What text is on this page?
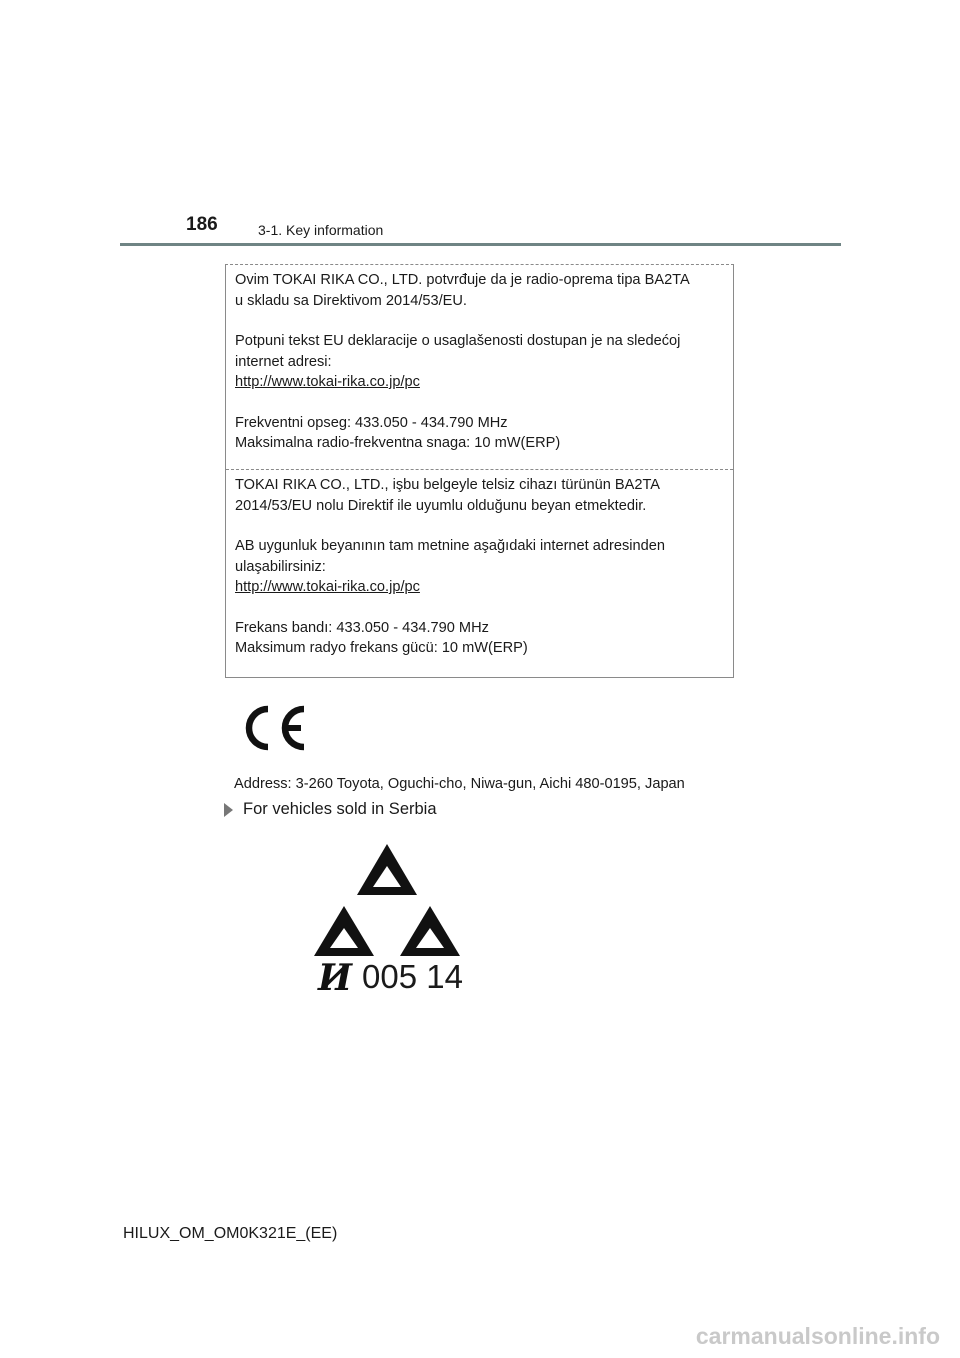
186	3-1. Key information

Ovim TOKAI RIKA CO., LTD. potvrđuje da je radio-oprema tipa BA2TA

u skladu sa Direktivom 2014/53/EU.

Potpuni tekst EU deklaracije o usaglašenosti dostupan je na sledećoj

internet adresi:

http://www.tokai-rika.co.jp/pc

Frekventni opseg: 433.050 - 434.790 MHz

Maksimalna radio-frekventna snaga: 10 mW(ERP)

TOKAI RIKA CO., LTD., işbu belgeyle telsiz cihazı türünün BA2TA

2014/53/EU nolu Direktif ile uyumlu olduğunu beyan etmektedir.

AB uygunluk beyanının tam metnine aşağıdaki internet adresinden

ulaşabilirsiniz:

http://www.tokai-rika.co.jp/pc

Frekans bandı: 433.050 - 434.790 MHz

Maksimum radyo frekans gücü: 10 mW(ERP)

Address: 3-260 Toyota, Oguchi-cho, Niwa-gun, Aichi 480-0195, Japan
For vehicles sold in Serbia
И 005 14
HILUX_OM_OM0K321E_(EE)
carmanualsonline.info
